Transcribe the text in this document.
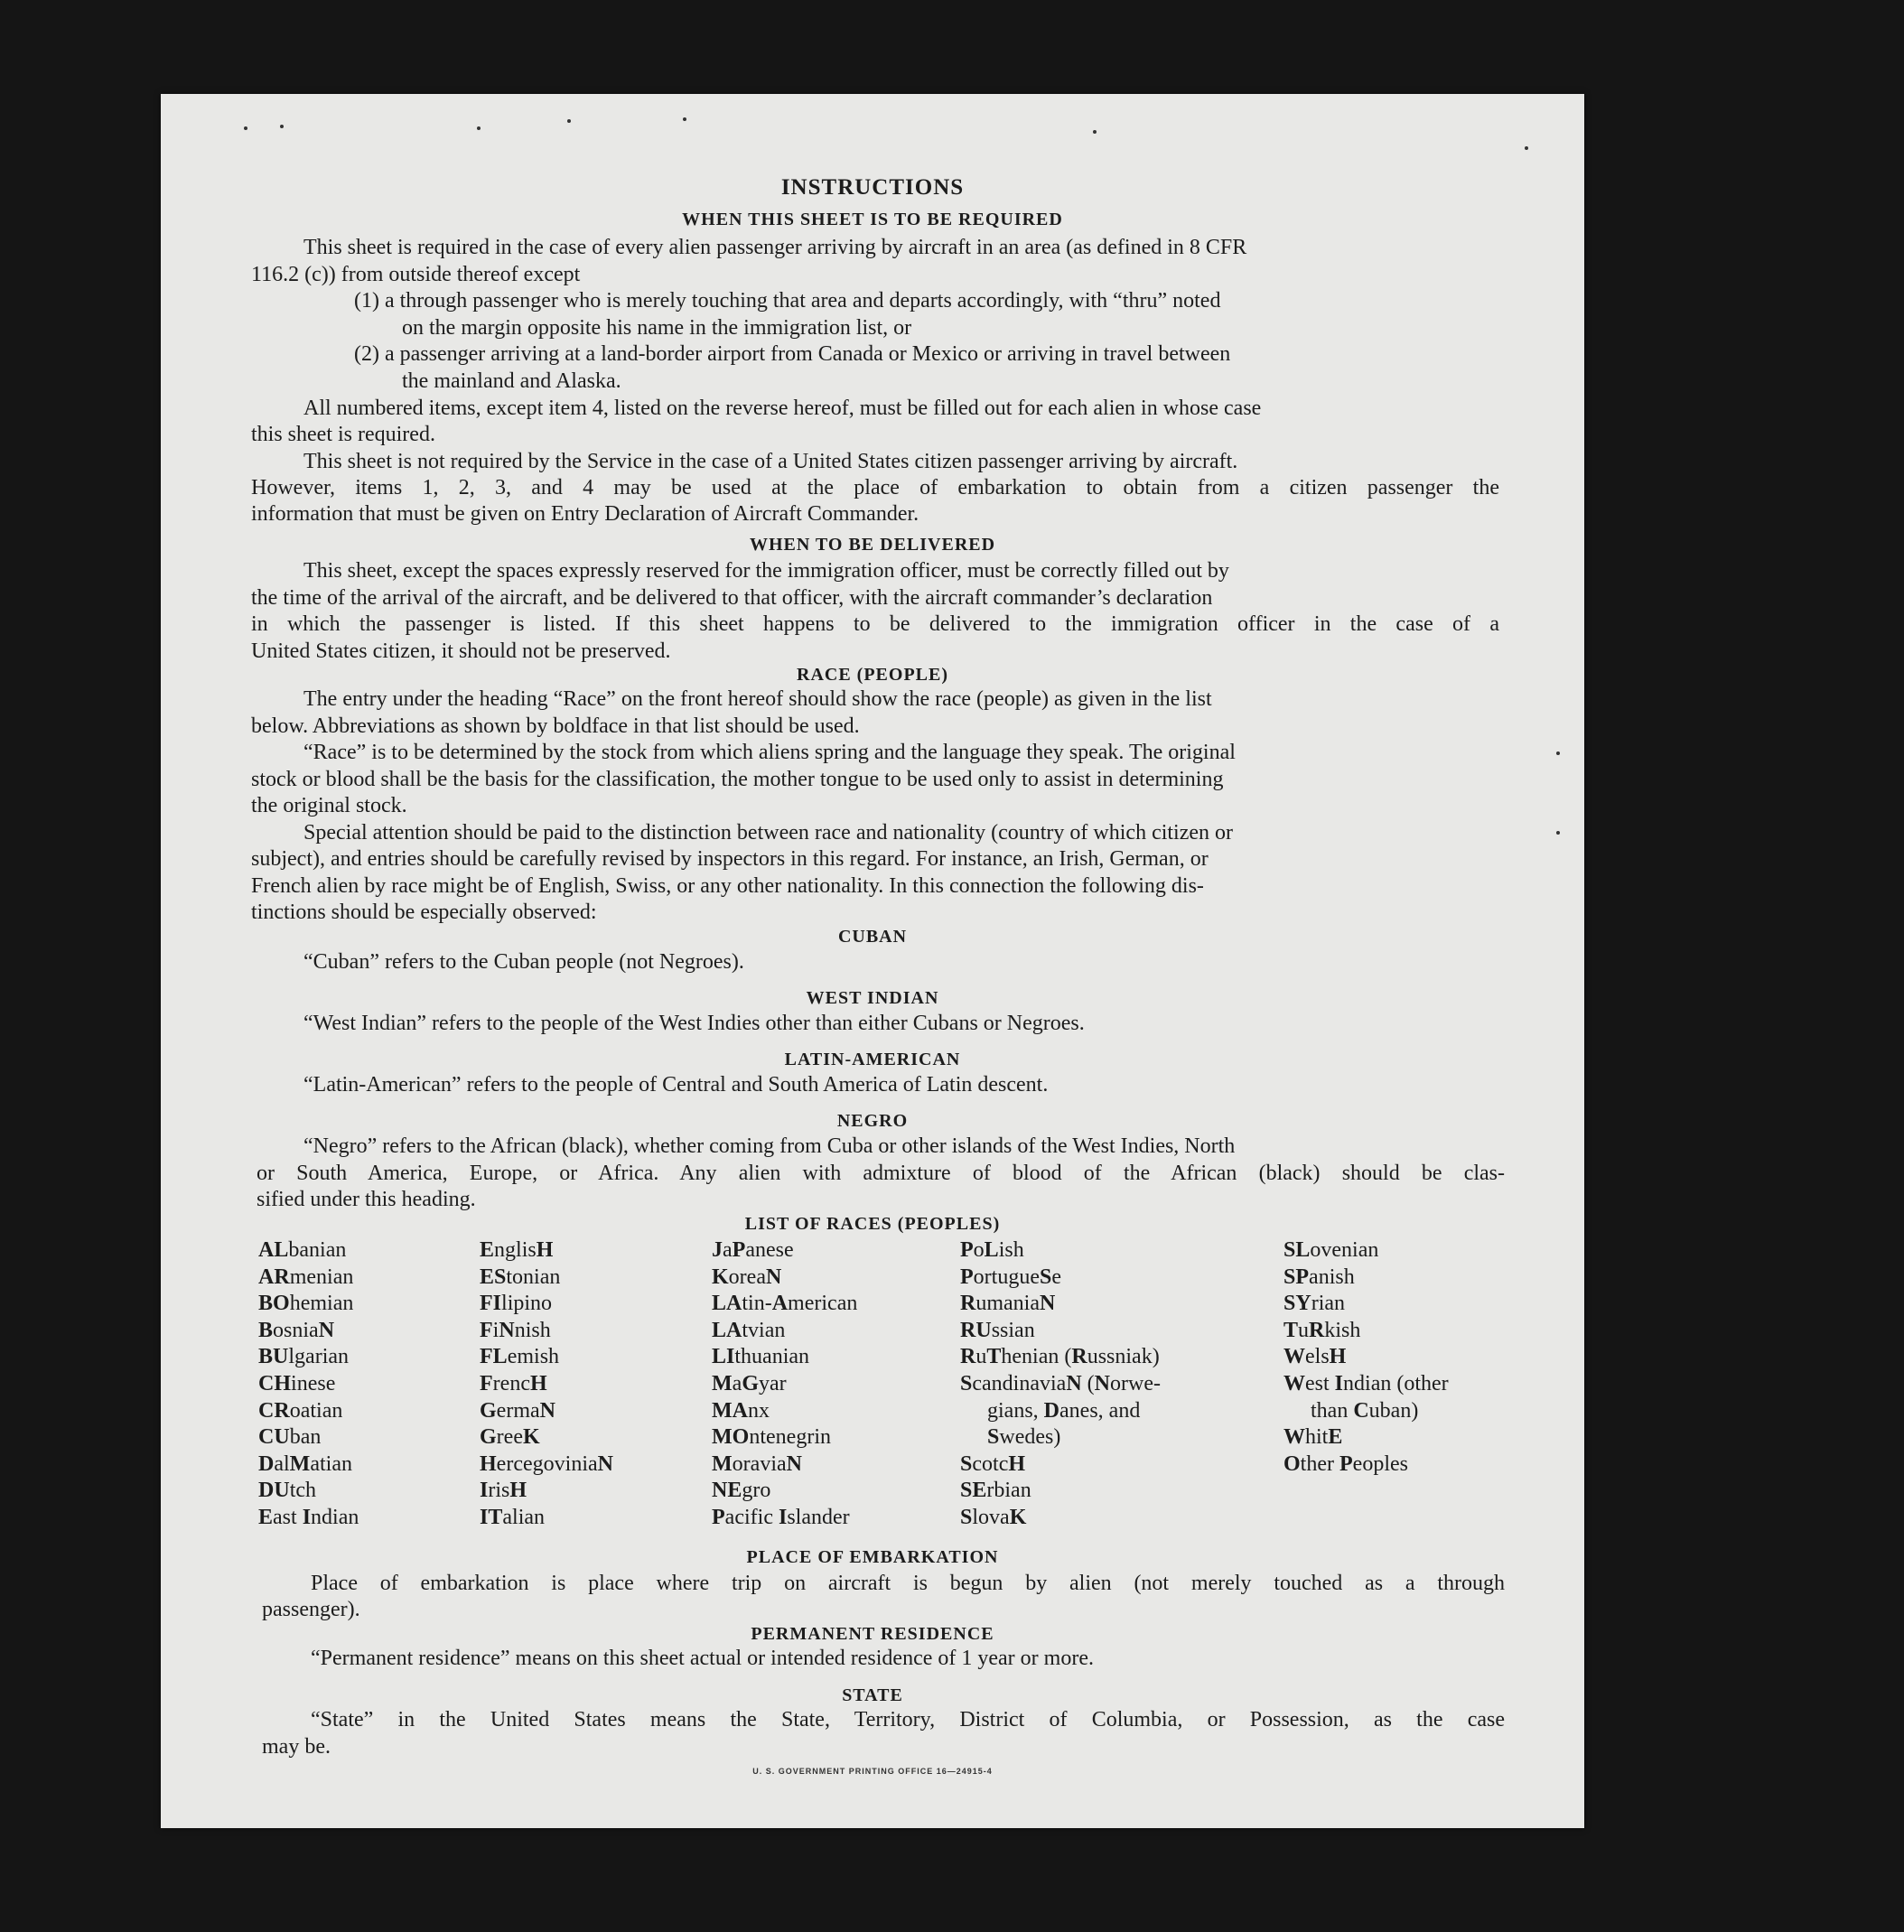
INSTRUCTIONS
WHEN THIS SHEET IS TO BE REQUIRED

This sheet is required in the case of every alien passenger arriving by aircraft in an area (as defined in 8 CFR

116.2 (c)) from outside thereof except

(1) a through passenger who is merely touching that area and departs accordingly, with “thru” noted

on the margin opposite his name in the immigration list, or

(2) a passenger arriving at a land-border airport from Canada or Mexico or arriving in travel between

the mainland and Alaska.

All numbered items, except item 4, listed on the reverse hereof, must be filled out for each alien in whose case

this sheet is required.

This sheet is not required by the Service in the case of a United States citizen passenger arriving by aircraft.

However, items 1, 2, 3, and 4 may be used at the place of embarkation to obtain from a citizen passenger the

information that must be given on Entry Declaration of Aircraft Commander.

WHEN TO BE DELIVERED

This sheet, except the spaces expressly reserved for the immigration officer, must be correctly filled out by

the time of the arrival of the aircraft, and be delivered to that officer, with the aircraft commander’s declaration

in which the passenger is listed. If this sheet happens to be delivered to the immigration officer in the case of a

United States citizen, it should not be preserved.

RACE (PEOPLE)

The entry under the heading “Race” on the front hereof should show the race (people) as given in the list

below. Abbreviations as shown by boldface in that list should be used.

“Race” is to be determined by the stock from which aliens spring and the language they speak. The original

stock or blood shall be the basis for the classification, the mother tongue to be used only to assist in determining

the original stock.

Special attention should be paid to the distinction between race and nationality (country of which citizen or

subject), and entries should be carefully revised by inspectors in this regard. For instance, an Irish, German, or

French alien by race might be of English, Swiss, or any other nationality. In this connection the following dis-

tinctions should be especially observed:

CUBAN

“Cuban” refers to the Cuban people (not Negroes).

WEST INDIAN

“West Indian” refers to the people of the West Indies other than either Cubans or Negroes.

LATIN-AMERICAN

“Latin-American” refers to the people of Central and South America of Latin descent.

NEGRO

“Negro” refers to the African (black), whether coming from Cuba or other islands of the West Indies, North

or South America, Europe, or Africa. Any alien with admixture of blood of the African (black) should be clas-

sified under this heading.

LIST OF RACES (PEOPLES)
ALbanian
ARmenian
BOhemian
BosniaN
BUlgarian
CHinese
CRoatian
CUban
DalMatian
DUtch
East Indian
EnglisH
EStonian
FIlipino
FiNnish
FLemish
FrencH
GermaN
GreeK
HercegoviniaN
IrisH
ITalian
JaPanese
KoreaN
LAtin-American
LAtvian
LIthuanian
MaGyar
MAnx
MOntenegrin
MoraviaN
NEgro
Pacific Islander
PoLish
PortugueSe
RumaniaN
RUssian
RuThenian (Russniak)
ScandinaviaN (Norwe-
gians, Danes, and
Swedes)
ScotcH
SErbian
SlovaK
SLovenian
SPanish
SYrian
TuRkish
WelsH
West Indian (other
than Cuban)
WhitE
Other Peoples
PLACE OF EMBARKATION

Place of embarkation is place where trip on aircraft is begun by alien (not merely touched as a through

passenger).

PERMANENT RESIDENCE

“Permanent residence” means on this sheet actual or intended residence of 1 year or more.

STATE

“State” in the United States means the State, Territory, District of Columbia, or Possession, as the case

may be.

U. S. GOVERNMENT PRINTING OFFICE 16—24915-4
